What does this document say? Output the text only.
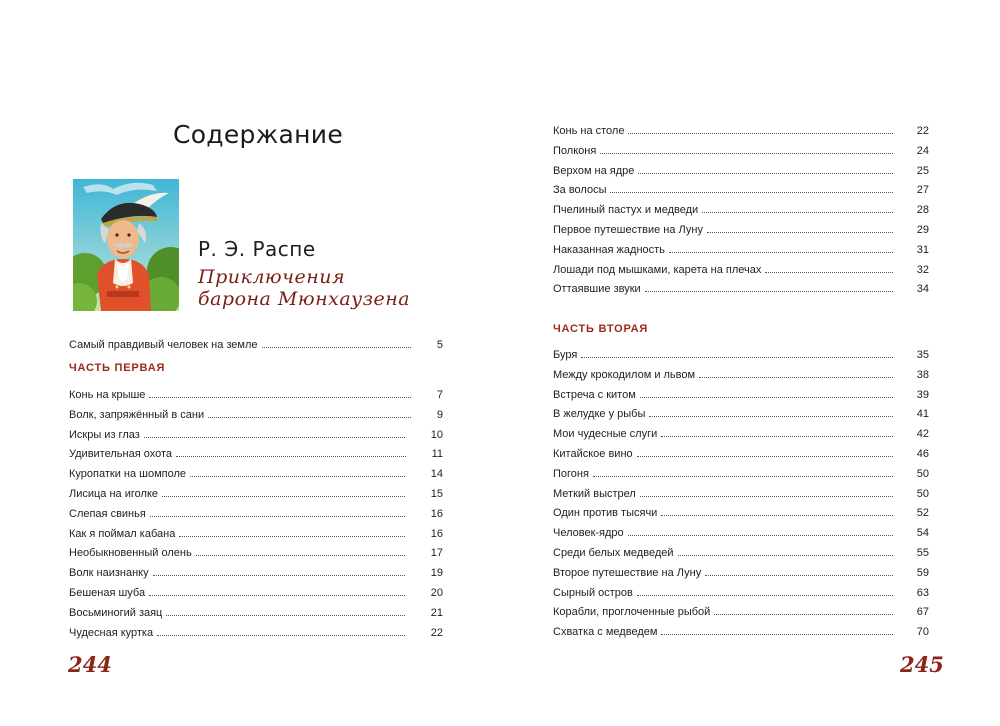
Содержание
Р. Э. Распе
Приключения
барона Мюнхаузена
Самый правдивый человек на земле	5
Конь на крыше	7
Волк, запряжённый в сани	9
Искры из глаз	10
Удивительная охота	11
Куропатки на шомполе	14
Лисица на иголке	15
Слепая свинья	16
Как я поймал кабана	16
Необыкновенный олень	17
Волк наизнанку	19
Бешеная шуба	20
Восьминогий заяц	21
Чудесная куртка	22
Конь на столе	22
Полконя	24
Верхом на ядре	25
За волосы	27
Пчелиный пастух и медведи	28
Первое путешествие на Луну	29
Наказанная жадность	31
Лошади под мышками, карета на плечах	32
Оттаявшие звуки	34
Буря	35
Между крокодилом и львом	38
Встреча с китом	39
В желудке у рыбы	41
Мои чудесные слуги	42
Китайское вино	46
Погоня	50
Меткий выстрел	50
Один против тысячи	52
Человек-ядро	54
Среди белых медведей	55
Второе путешествие на Луну	59
Сырный остров	63
Корабли, проглоченные рыбой	67
Схватка с медведем	70
ЧАСТЬ ПЕРВАЯ
ЧАСТЬ ВТОРАЯ
244	245
